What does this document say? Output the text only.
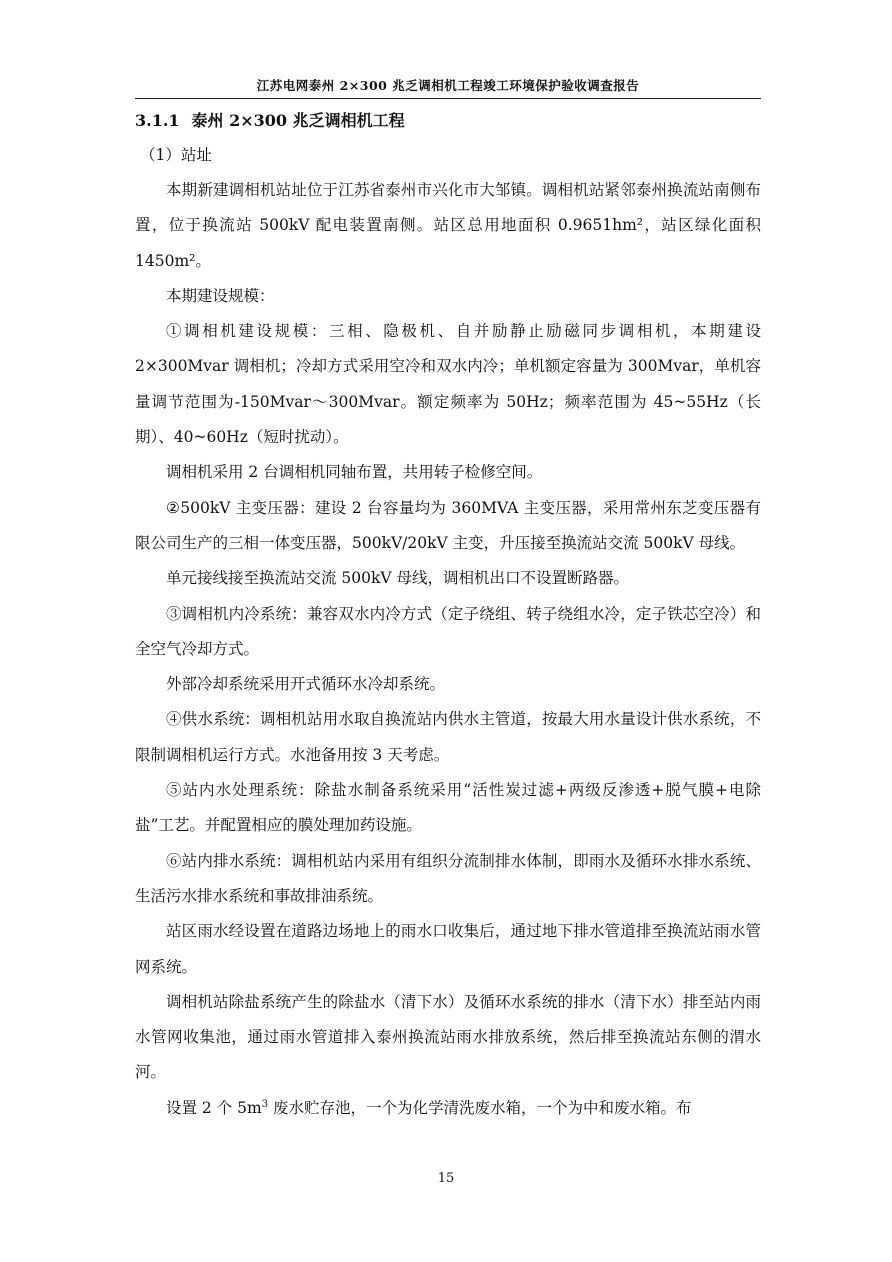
江苏电网泰州 2×300 兆乏调相机工程竣工环境保护验收调查报告
3.1.1 泰州 2×300 兆乏调相机工程
（1）站址

本期新建调相机站址位于江苏省泰州市兴化市大邹镇。调相机站紧邻泰州换流站南侧布置，位于换流站 500kV 配电装置南侧。站区总用地面积 0.9651hm²，站区绿化面积 1450m²。

本期建设规模：

①调相机建设规模：三相、隐极机、自并励静止励磁同步调相机，本期建设 2×300Mvar 调相机；冷却方式采用空冷和双水内冷；单机额定容量为 300Mvar，单机容量调节范围为-150Mvar～300Mvar。额定频率为 50Hz；频率范围为 45~55Hz（长期）、40~60Hz（短时扰动）。

调相机采用 2 台调相机同轴布置，共用转子检修空间。

②500kV 主变压器：建设 2 台容量均为 360MVA 主变压器，采用常州东芝变压器有限公司生产的三相一体变压器，500kV/20kV 主变，升压接至换流站交流 500kV 母线。

单元接线接至换流站交流 500kV 母线，调相机出口不设置断路器。

③调相机内冷系统：兼容双水内冷方式（定子绕组、转子绕组水冷，定子铁芯空冷）和全空气冷却方式。

外部冷却系统采用开式循环水冷却系统。

④供水系统：调相机站用水取自换流站内供水主管道，按最大用水量设计供水系统，不限制调相机运行方式。水池备用按 3 天考虑。

⑤站内水处理系统：除盐水制备系统采用“活性炭过滤+两级反渗透+脱气膜+电除盐”工艺。并配置相应的膜处理加药设施。

⑥站内排水系统：调相机站内采用有组织分流制排水体制，即雨水及循环水排水系统、生活污水排水系统和事故排油系统。

站区雨水经设置在道路边场地上的雨水口收集后，通过地下排水管道排至换流站雨水管网系统。

调相机站除盐系统产生的除盐水（清下水）及循环水系统的排水（清下水）排至站内雨水管网收集池，通过雨水管道排入泰州换流站雨水排放系统，然后排至换流站东侧的渭水河。

设置 2 个 $5m^3$ 废水贮存池，一个为化学清洗废水箱，一个为中和废水箱。布

15
